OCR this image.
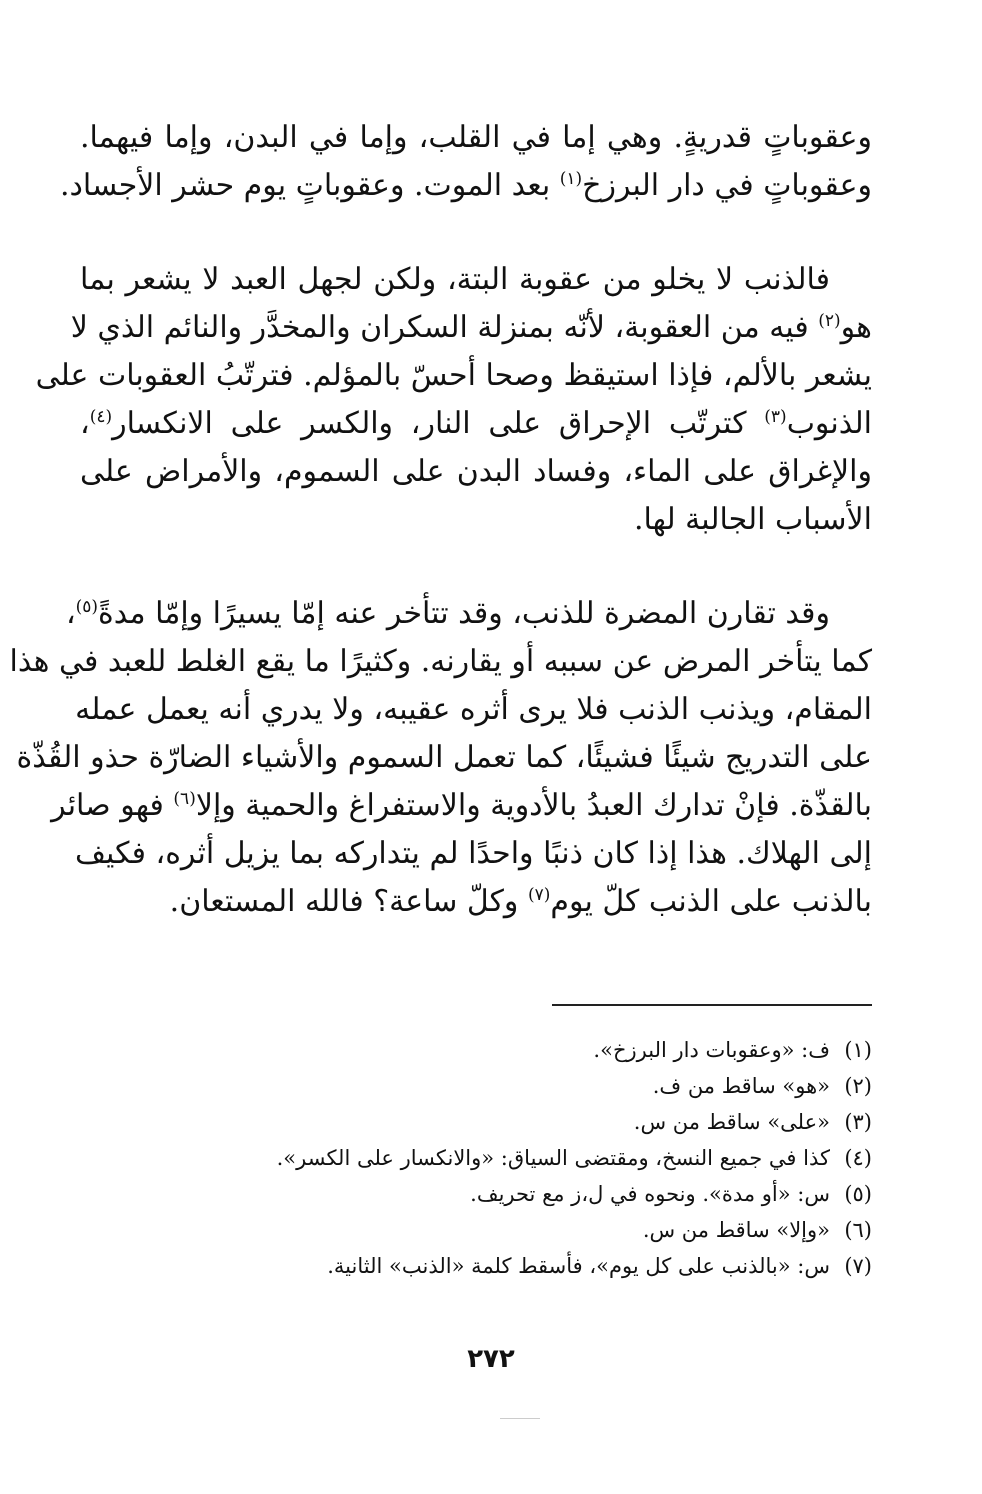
وعقوباتٍ قدريةٍ. وهي إما في القلب، وإما في البدن، وإما فيهما.
وعقوباتٍ في دار البرزخ$^{(١)}$ بعد الموت. وعقوباتٍ يوم حشر الأجساد.

فالذنب لا يخلو من عقوبة البتة، ولكن لجهل العبد لا يشعر بما
هو$^{(٢)}$ فيه من العقوبة، لأنّه بمنزلة السكران والمخدَّر والنائم الذي لا
يشعر بالألم، فإذا استيقظ وصحا أحسّ بالمؤلم. فترتّبُ العقوبات على
الذنوب$^{(٣)}$ كترتّب الإحراق على النار، والكسر على الانكسار$^{(٤)}$،
والإغراق على الماء، وفساد البدن على السموم، والأمراض على
الأسباب الجالبة لها.

وقد تقارن المضرة للذنب، وقد تتأخر عنه إمّا يسيرًا وإمّا مدةً$^{(٥)}$،
كما يتأخر المرض عن سببه أو يقارنه. وكثيرًا ما يقع الغلط للعبد في هذا
المقام، ويذنب الذنب فلا يرى أثره عقيبه، ولا يدري أنه يعمل عمله
على التدريج شيئًا فشيئًا، كما تعمل السموم والأشياء الضارّة حذو القُذّة
بالقذّة. فإنْ تدارك العبدُ بالأدوية والاستفراغ والحمية وإلا$^{(٦)}$ فهو صائر
إلى الهلاك. هذا إذا كان ذنبًا واحدًا لم يتداركه بما يزيل أثره، فكيف
بالذنب على الذنب كلّ يوم$^{(٧)}$ وكلّ ساعة؟ فالله المستعان.

(١)
ف: «وعقوبات دار البرزخ».
(٢)
«هو» ساقط من ف.
(٣)
«على» ساقط من س.
(٤)
كذا في جميع النسخ، ومقتضى السياق: «والانكسار على الكسر».
(٥)
س: «أو مدة». ونحوه في ل،ز مع تحريف.
(٦)
«وإلا» ساقط من س.
(٧)
س: «بالذنب على كل يوم»، فأسقط كلمة «الذنب» الثانية.
٢٧٢
